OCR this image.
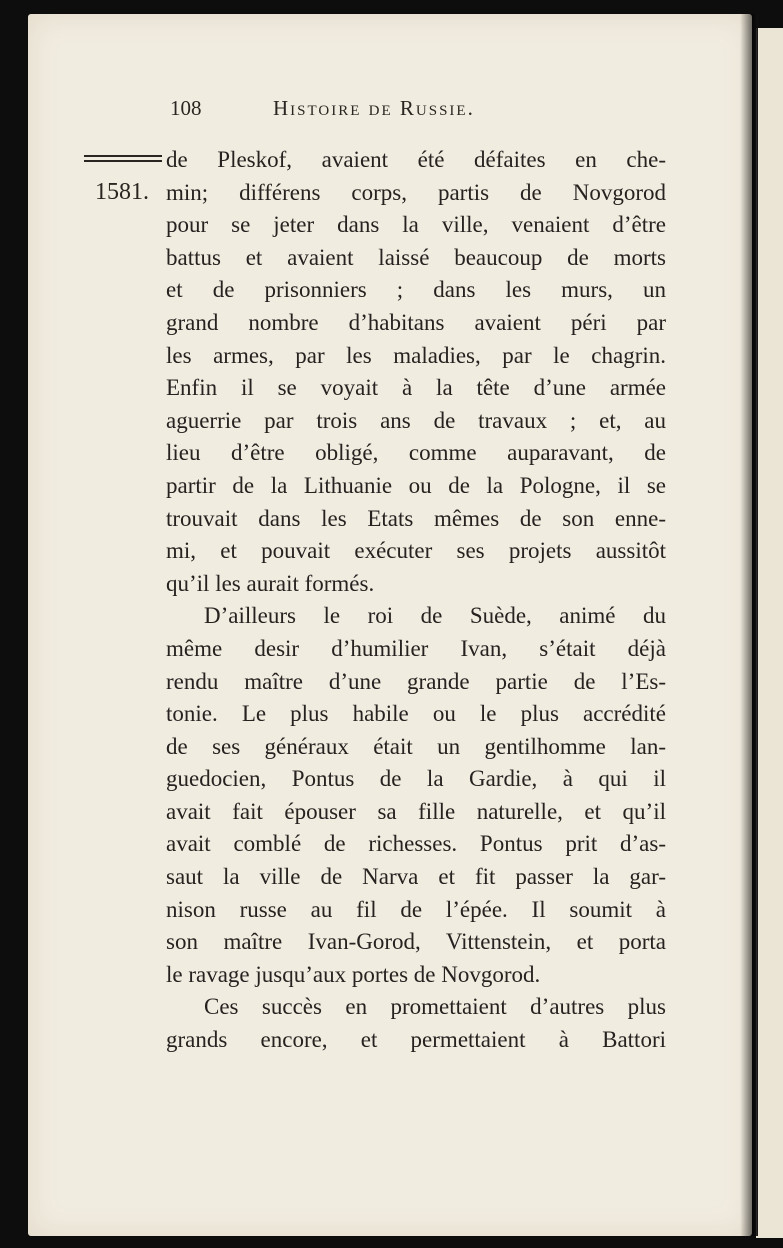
108	Histoire de Russie.
1581.
de Pleskof, avaient été défaites en che-
min; différens corps, partis de Novgorod
pour se jeter dans la ville, venaient d’être
battus et avaient laissé beaucoup de morts
et de prisonniers ; dans les murs, un
grand nombre d’habitans avaient péri par
les armes, par les maladies, par le chagrin.
Enfin il se voyait à la tête d’une armée
aguerrie par trois ans de travaux ; et, au
lieu d’être obligé, comme auparavant, de
partir de la Lithuanie ou de la Pologne, il se
trouvait dans les Etats mêmes de son enne-
mi, et pouvait exécuter ses projets aussitôt
qu’il les aurait formés.
D’ailleurs le roi de Suède, animé du
même desir d’humilier Ivan, s’était déjà
rendu maître d’une grande partie de l’Es-
tonie. Le plus habile ou le plus accrédité
de ses généraux était un gentilhomme lan-
guedocien, Pontus de la Gardie, à qui il
avait fait épouser sa fille naturelle, et qu’il
avait comblé de richesses. Pontus prit d’as-
saut la ville de Narva et fit passer la gar-
nison russe au fil de l’épée. Il soumit à
son maître Ivan-Gorod, Vittenstein, et porta
le ravage jusqu’aux portes de Novgorod.
Ces succès en promettaient d’autres plus
grands encore, et permettaient à Battori
